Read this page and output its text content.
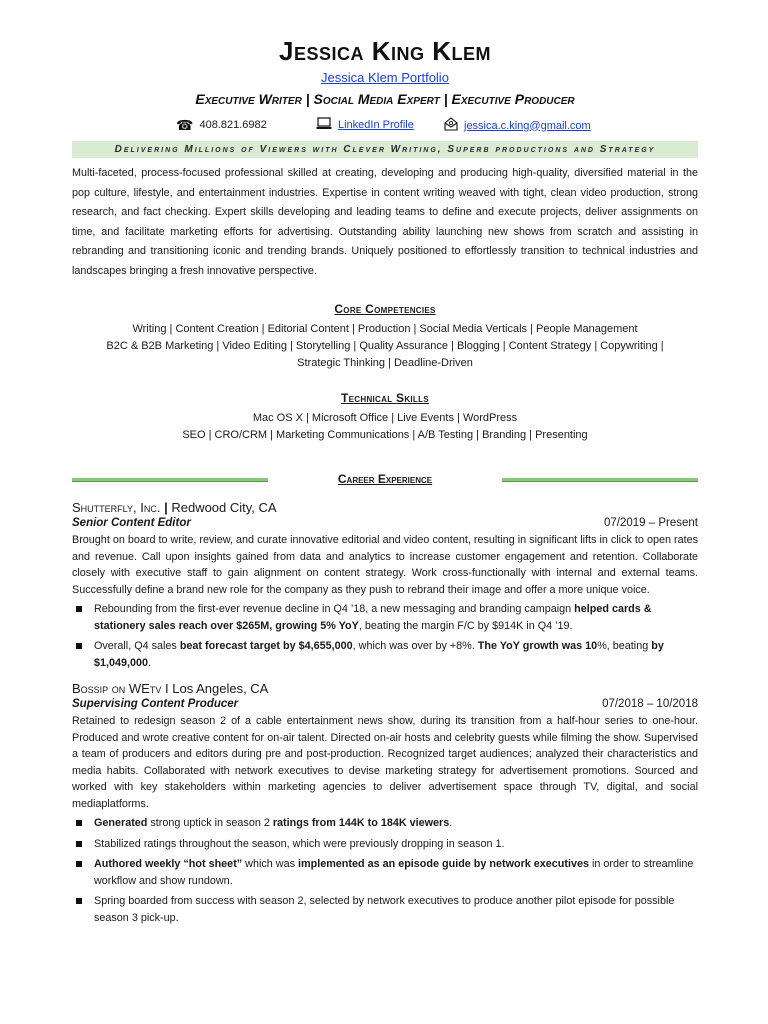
Jessica King Klem
Jessica Klem Portfolio
Executive Writer | Social Media Expert | Executive Producer
☎ 408.821.6982	LinkedIn Profile	jessica.c.king@gmail.com
Delivering Millions of Viewers with Clever Writing, Superb productions and Strategy

Multi-faceted, process-focused professional skilled at creating, developing and producing high-quality, diversified material in the pop culture, lifestyle, and entertainment industries. Expertise in content writing weaved with tight, clean video production, strong research, and fact checking. Expert skills developing and leading teams to define and execute projects, deliver assignments on time, and facilitate marketing efforts for advertising. Outstanding ability launching new shows from scratch and assisting in rebranding and transitioning iconic and trending brands. Uniquely positioned to effortlessly transition to technical industries and landscapes bringing a fresh innovative perspective.

Core Competencies
Writing | Content Creation | Editorial Content | Production | Social Media Verticals | People Management
B2C & B2B Marketing | Video Editing | Storytelling | Quality Assurance | Blogging | Content Strategy | Copywriting |
Strategic Thinking | Deadline-Driven
Technical Skills
Mac OS X | Microsoft Office | Live Events | WordPress
SEO | CRO/CRM | Marketing Communications | A/B Testing | Branding | Presenting
Career Experience
Shutterfly, Inc. | Redwood City, CA
Senior Content Editor	07/2019 – Present
Brought on board to write, review, and curate innovative editorial and video content, resulting in significant lifts in click to open rates and revenue. Call upon insights gained from data and analytics to increase customer engagement and retention. Collaborate closely with executive staff to gain alignment on content strategy. Work cross-functionally with internal and external teams. Successfully define a brand new role for the company as they push to rebrand their image and offer a more unique voice.
Rebounding from the first-ever revenue decline in Q4 ’18, a new messaging and branding campaign helped cards & stationery sales reach over $265M, growing 5% YoY, beating the margin F/C by $914K in Q4 ’19.
Overall, Q4 sales beat forecast target by $4,655,000, which was over by +8%. The YoY growth was 10%, beating by $1,049,000.
Bossip on WEtv I Los Angeles, CA
Supervising Content Producer	07/2018 – 10/2018
Retained to redesign season 2 of a cable entertainment news show, during its transition from a half-hour series to one-hour. Produced and wrote creative content for on-air talent. Directed on-air hosts and celebrity guests while filming the show. Supervised a team of producers and editors during pre and post-production. Recognized target audiences; analyzed their characteristics and media habits. Collaborated with network executives to devise marketing strategy for advertisement promotions. Sourced and worked with key stakeholders within marketing agencies to deliver advertisement space through TV, digital, and social mediaplatforms.
Generated strong uptick in season 2 ratings from 144K to 184K viewers.
Stabilized ratings throughout the season, which were previously dropping in season 1.
Authored weekly “hot sheet” which was implemented as an episode guide by network executives in order to streamline workflow and show rundown.
Spring boarded from success with season 2, selected by network executives to produce another pilot episode for possible season 3 pick-up.
